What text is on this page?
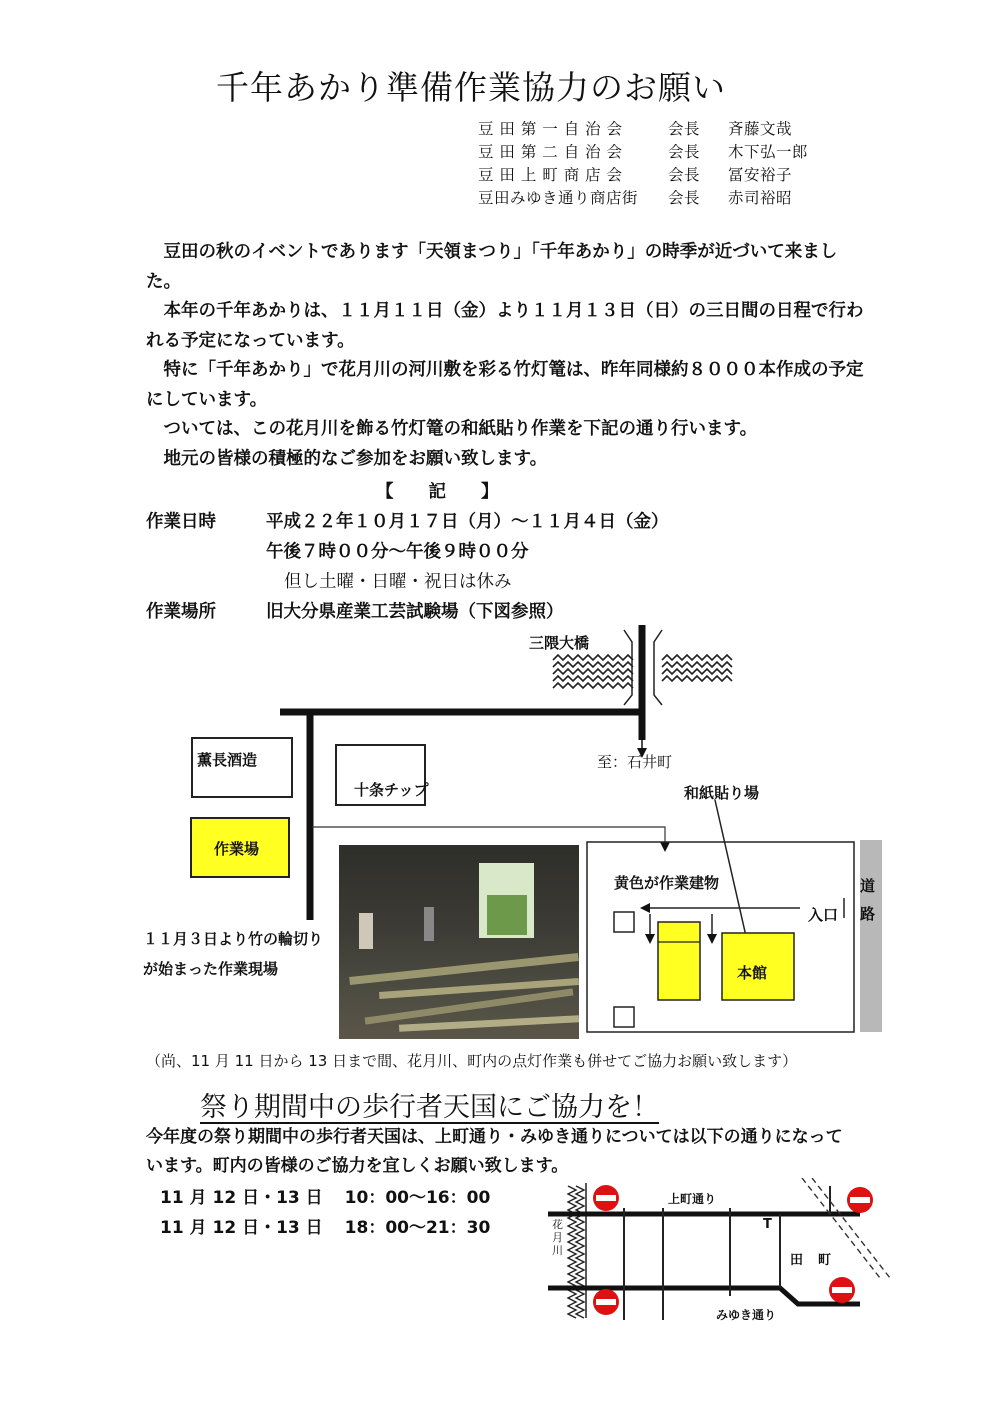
千年あかり準備作業協力のお願い
豆 田 第 一 自 治 会	会長 斉藤文哉
豆 田 第 二 自 治 会	会長 木下弘一郎
豆 田 上 町 商 店 会	会長 冨安裕子
豆田みゆき通り商店街 会長 赤司裕昭

豆田の秋のイベントであります「天領まつり」「千年あかり」の時季が近づいて来ました。

本年の千年あかりは、１１月１１日（金）より１１月１３日（日）の三日間の日程で行われる予定になっています。

特に「千年あかり」で花月川の河川敷を彩る竹灯篭は、昨年同様約８０００本作成の予定にしています。

ついては、この花月川を飾る竹灯篭の和紙貼り作業を下記の通り行います。

地元の皆様の積極的なご参加をお願い致します。

【　　記　　】
作業日時	平成２２年１０月１７日（月）～１１月４日（金）
午後７時００分～午後９時００分
但し土曜・日曜・祝日は休み
作業場所	旧大分県産業工芸試験場（下図参照）
薫長酒造
十条チップ
作業場
三隈大橋
至：石井町
和紙貼り場
黄色が作業建物
入口
道路
本館
１１月３日より竹の輪切り
が始まった作業現場
（尚、11 月 11 日から 13 日まで間、花月川、町内の点灯作業も併せてご協力お願い致します）
祭り期間中の歩行者天国にご協力を！
今年度の祭り期間中の歩行者天国は、上町通り・みゆき通りについては以下の通りになっています。町内の皆様のご協力を宜しくお願い致します。
11 月 12 日・13 日 10：00～16：00
11 月 12 日・13 日 18：00～21：30
上町通り
みゆき通り
花月川
T
田 町
